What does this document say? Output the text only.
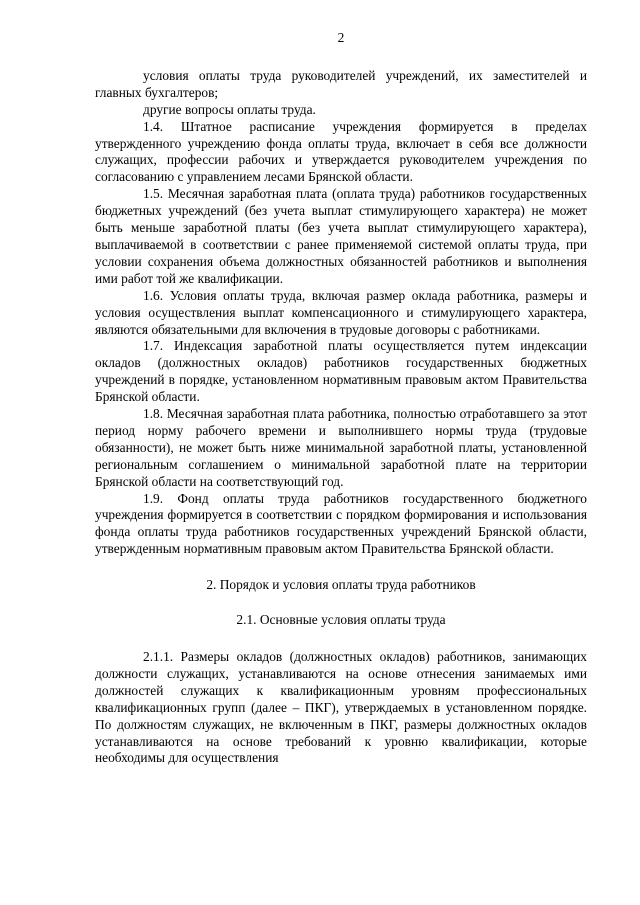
2

условия оплаты труда руководителей учреждений, их заместителей и главных бухгалтеров;

другие вопросы оплаты труда.

1.4. Штатное расписание учреждения формируется в пределах утвержденного учреждению фонда оплаты труда, включает в себя все должности служащих, профессии рабочих и утверждается руководителем учреждения по согласованию с управлением лесами Брянской области.

1.5. Месячная заработная плата (оплата труда) работников государственных бюджетных учреждений (без учета выплат стимулирующего характера) не может быть меньше заработной платы (без учета выплат стимулирующего характера), выплачиваемой в соответствии с ранее применяемой системой оплаты труда, при условии сохранения объема должностных обязанностей работников и выполнения ими работ той же квалификации.

1.6. Условия оплаты труда, включая размер оклада работника, размеры и условия осуществления выплат компенсационного и стимулирующего характера, являются обязательными для включения в трудовые договоры с работниками.

1.7. Индексация заработной платы осуществляется путем индексации окладов (должностных окладов) работников государственных бюджетных учреждений в порядке, установленном нормативным правовым актом Правительства Брянской области.

1.8. Месячная заработная плата работника, полностью отработавшего за этот период норму рабочего времени и выполнившего нормы труда (трудовые обязанности), не может быть ниже минимальной заработной платы, установленной региональным соглашением о минимальной заработной плате на территории Брянской области на соответствующий год.

1.9. Фонд оплаты труда работников государственного бюджетного учреждения формируется в соответствии с порядком формирования и использования фонда оплаты труда работников государственных учреждений Брянской области, утвержденным нормативным правовым актом Правительства Брянской области.

2. Порядок и условия оплаты труда работников

2.1. Основные условия оплаты труда

2.1.1. Размеры окладов (должностных окладов) работников, занимающих должности служащих, устанавливаются на основе отнесения занимаемых ими должностей служащих к квалификационным уровням профессиональных квалификационных групп (далее – ПКГ), утверждаемых в установленном порядке. По должностям служащих, не включенным в ПКГ, размеры должностных окладов устанавливаются на основе требований к уровню квалификации, которые необходимы для осуществления
